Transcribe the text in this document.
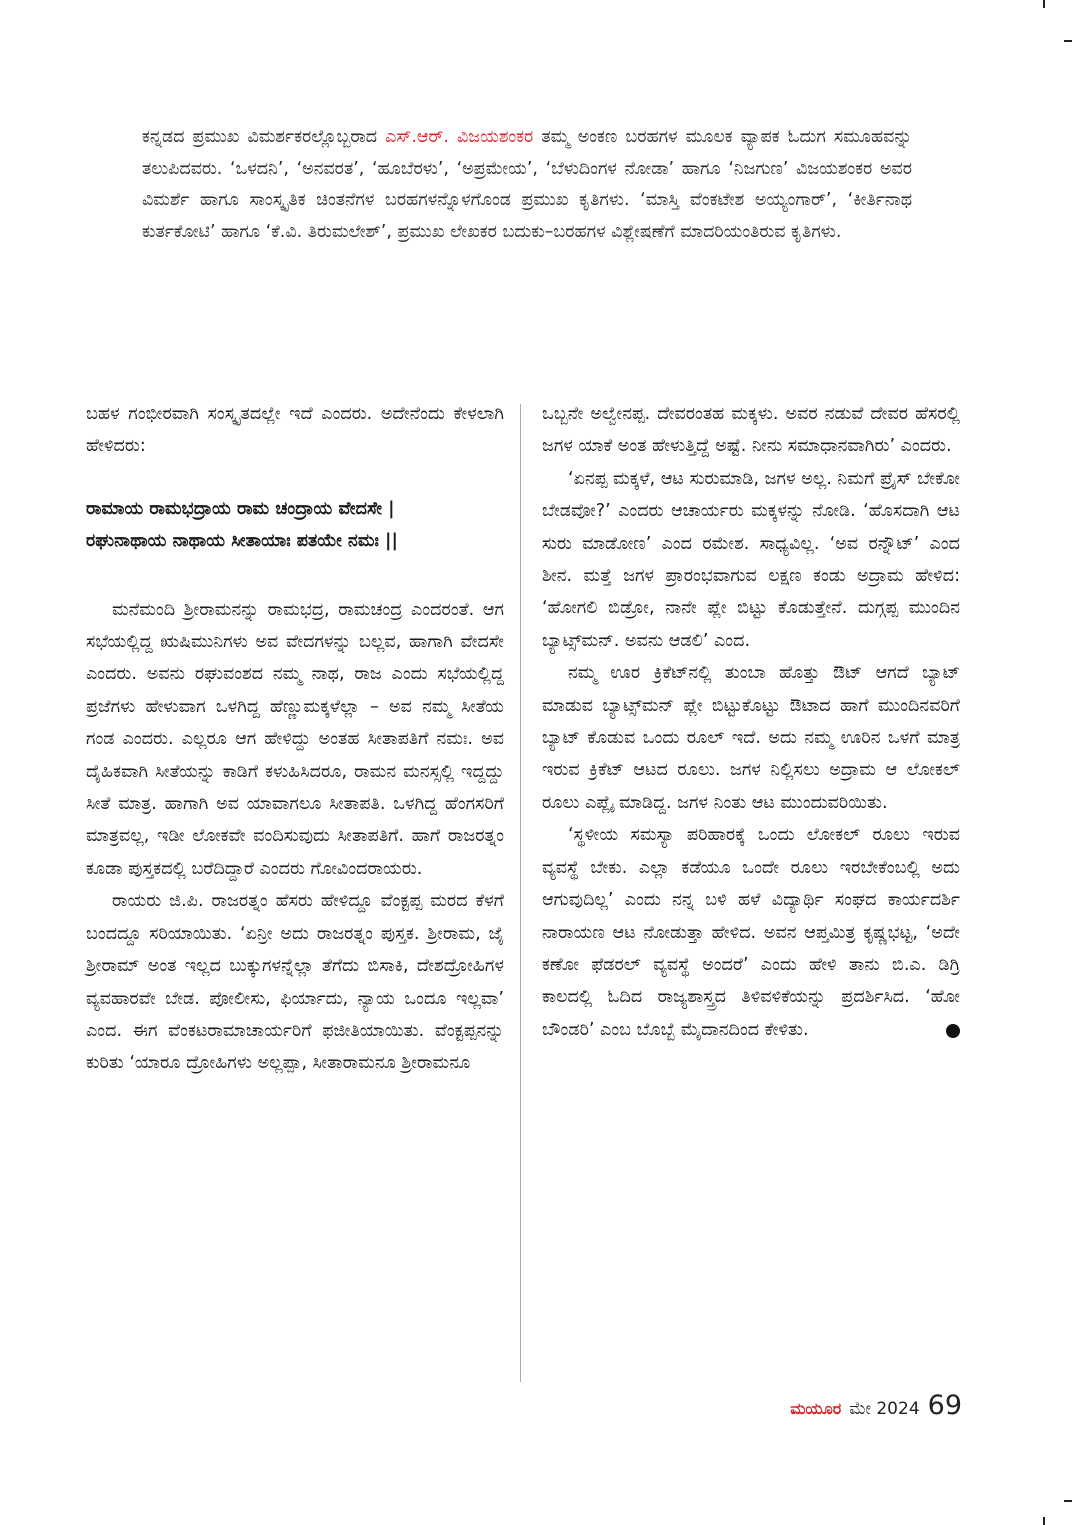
ಕನ್ನಡದ ಪ್ರಮುಖ ವಿಮರ್ಶಕರಲ್ಲೊಬ್ಬರಾದ ಎಸ್.ಆರ್. ವಿಜಯಶಂಕರ ತಮ್ಮ ಅಂಕಣ ಬರಹಗಳ ಮೂಲಕ ವ್ಯಾಪಕ ಓದುಗ ಸಮೂಹವನ್ನು ತಲುಪಿದವರು. ‘ಒಳದನಿ’, ‘ಅನವರತ’, ‘ಹೂಬೆರಳು’, ‘ಅಪ್ರಮೇಯ’, ‘ಬೆಳುದಿಂಗಳ ನೋಡಾ’ ಹಾಗೂ ‘ನಿಜಗುಣ’ ವಿಜಯಶಂಕರ ಅವರ ವಿಮರ್ಶೆ ಹಾಗೂ ಸಾಂಸ್ಕೃತಿಕ ಚಿಂತನೆಗಳ ಬರಹಗಳನ್ನೊಳಗೊಂಡ ಪ್ರಮುಖ ಕೃತಿಗಳು. ‘ಮಾಸ್ತಿ ವೆಂಕಟೇಶ ಅಯ್ಯಂಗಾರ್’, ‘ಕೀರ್ತಿನಾಥ ಕುರ್ತಕೋಟಿ’ ಹಾಗೂ ‘ಕೆ.ವಿ. ತಿರುಮಲೇಶ್’, ಪ್ರಮುಖ ಲೇಖಕರ ಬದುಕು–ಬರಹಗಳ ವಿಶ್ಲೇಷಣೆಗೆ ಮಾದರಿಯಂತಿರುವ ಕೃತಿಗಳು.

ಬಹಳ ಗಂಭೀರವಾಗಿ ಸಂಸ್ಕೃತದಲ್ಲೇ ಇದೆ ಎಂದರು. ಅದೇನೆಂದು ಕೇಳಲಾಗಿ ಹೇಳಿದರು:

ರಾಮಾಯ ರಾಮಭದ್ರಾಯ ರಾಮ ಚಂದ್ರಾಯ ವೇದಸೇ |

ರಘುನಾಥಾಯ ನಾಥಾಯ ಸೀತಾಯಾಃ ಪತಯೇ ನಮಃ ||

ಮನೆಮಂದಿ ಶ್ರೀರಾಮನನ್ನು ರಾಮಭದ್ರ, ರಾಮಚಂದ್ರ ಎಂದರಂತೆ. ಆಗ ಸಭೆಯಲ್ಲಿದ್ದ ಋಷಿಮುನಿಗಳು ಅವ ವೇದಗಳನ್ನು ಬಲ್ಲವ, ಹಾಗಾಗಿ ವೇದಸೇ ಎಂದರು. ಅವನು ರಘುವಂಶದ ನಮ್ಮ ನಾಥ, ರಾಜ ಎಂದು ಸಭೆಯಲ್ಲಿದ್ದ ಪ್ರಜೆಗಳು ಹೇಳುವಾಗ ಒಳಗಿದ್ದ ಹೆಣ್ಣುಮಕ್ಕಳೆಲ್ಲಾ – ಅವ ನಮ್ಮ ಸೀತೆಯ ಗಂಡ ಎಂದರು. ಎಲ್ಲರೂ ಆಗ ಹೇಳಿದ್ದು ಅಂತಹ ಸೀತಾಪತಿಗೆ ನಮಃ. ಅವ ದೈಹಿಕವಾಗಿ ಸೀತೆಯನ್ನು ಕಾಡಿಗೆ ಕಳುಹಿಸಿದರೂ, ರಾಮನ ಮನಸ್ಸಲ್ಲಿ ಇದ್ದದ್ದು ಸೀತೆ ಮಾತ್ರ. ಹಾಗಾಗಿ ಅವ ಯಾವಾಗಲೂ ಸೀತಾಪತಿ. ಒಳಗಿದ್ದ ಹೆಂಗಸರಿಗೆ ಮಾತ್ರವಲ್ಲ, ಇಡೀ ಲೋಕವೇ ವಂದಿಸುವುದು ಸೀತಾಪತಿಗೆ. ಹಾಗೆ ರಾಜರತ್ನಂ ಕೂಡಾ ಪುಸ್ತಕದಲ್ಲಿ ಬರೆದಿದ್ದಾರೆ ಎಂದರು ಗೋವಿಂದರಾಯರು.

ರಾಯರು ಜಿ.ಪಿ. ರಾಜರತ್ನಂ ಹೆಸರು ಹೇಳಿದ್ದೂ ವೆಂಕ್ಟಪ್ಪ ಮರದ ಕೆಳಗೆ ಬಂದದ್ದೂ ಸರಿಯಾಯಿತು. ‘ಏನ್ರೀ ಅದು ರಾಜರತ್ನಂ ಪುಸ್ತಕ. ಶ್ರೀರಾಮ, ಜೈ ಶ್ರೀರಾಮ್ ಅಂತ ಇಲ್ಲದ ಬುಕ್ಕುಗಳನ್ನೆಲ್ಲಾ ತೆಗೆದು ಬಿಸಾಕಿ, ದೇಶದ್ರೋಹಿಗಳ ವ್ಯವಹಾರವೇ ಬೇಡ. ಪೋಲೀಸು, ಫಿರ್ಯಾದು, ನ್ಯಾಯ ಒಂದೂ ಇಲ್ಲವಾ’ ಎಂದ. ಈಗ ವೆಂಕಟರಾಮಾಚಾರ್ಯರಿಗೆ ಫಜೀತಿಯಾಯಿತು. ವೆಂಕ್ಟಪ್ಪನನ್ನು ಕುರಿತು ‘ಯಾರೂ ದ್ರೋಹಿಗಳು ಅಲ್ಲಪ್ಪಾ, ಸೀತಾರಾಮನೂ ಶ್ರೀರಾಮನೂ

ಒಬ್ಬನೇ ಅಲ್ವೇನಪ್ಪ. ದೇವರಂತಹ ಮಕ್ಕಳು. ಅವರ ನಡುವೆ ದೇವರ ಹೆಸರಲ್ಲಿ ಜಗಳ ಯಾಕೆ ಅಂತ ಹೇಳುತ್ತಿದ್ದೆ ಅಷ್ಟೆ. ನೀನು ಸಮಾಧಾನವಾಗಿರು’ ಎಂದರು.

‘ಏನಪ್ಪ ಮಕ್ಕಳೆ, ಆಟ ಸುರುಮಾಡಿ, ಜಗಳ ಅಲ್ಲ. ನಿಮಗೆ ಪ್ರೈಸ್ ಬೇಕೋ ಬೇಡವೋ?’ ಎಂದರು ಆಚಾರ್ಯರು ಮಕ್ಕಳನ್ನು ನೋಡಿ. ‘ಹೊಸದಾಗಿ ಆಟ ಸುರು ಮಾಡೋಣ’ ಎಂದ ರಮೇಶ. ಸಾಧ್ಯವಿಲ್ಲ. ‘ಅವ ರನ್ನೌಟ್’ ಎಂದ ಶೀನ. ಮತ್ತೆ ಜಗಳ ಪ್ರಾರಂಭವಾಗುವ ಲಕ್ಷಣ ಕಂಡು ಅದ್ರಾಮ ಹೇಳಿದ: ‘ಹೋಗಲಿ ಬಿಡ್ರೋ, ನಾನೇ ಪ್ಲೇ ಬಿಟ್ಟು ಕೊಡುತ್ತೇನೆ. ದುಗ್ಗಪ್ಪ ಮುಂದಿನ ಬ್ಯಾಟ್ಸ್‌ಮನ್. ಅವನು ಆಡಲಿ’ ಎಂದ.

ನಮ್ಮ ಊರ ಕ್ರಿಕೆಟ್‌ನಲ್ಲಿ ತುಂಬಾ ಹೊತ್ತು ಔಟ್ ಆಗದೆ ಬ್ಯಾಟ್ ಮಾಡುವ ಬ್ಯಾಟ್ಸ್‌ಮನ್ ಪ್ಲೇ ಬಿಟ್ಟುಕೊಟ್ಟು ಔಟಾದ ಹಾಗೆ ಮುಂದಿನವರಿಗೆ ಬ್ಯಾಟ್ ಕೊಡುವ ಒಂದು ರೂಲ್ ಇದೆ. ಅದು ನಮ್ಮ ಊರಿನ ಒಳಗೆ ಮಾತ್ರ ಇರುವ ಕ್ರಿಕೆಟ್ ಆಟದ ರೂಲು. ಜಗಳ ನಿಲ್ಲಿಸಲು ಅದ್ರಾಮ ಆ ಲೋಕಲ್ ರೂಲು ಎಪ್ಲೈ ಮಾಡಿದ್ದ. ಜಗಳ ನಿಂತು ಆಟ ಮುಂದುವರಿಯಿತು.

‘ಸ್ಥಳೀಯ ಸಮಸ್ಯಾ ಪರಿಹಾರಕ್ಕೆ ಒಂದು ಲೋಕಲ್ ರೂಲು ಇರುವ ವ್ಯವಸ್ಥೆ ಬೇಕು. ಎಲ್ಲಾ ಕಡೆಯೂ ಒಂದೇ ರೂಲು ಇರಬೇಕೆಂಬಲ್ಲಿ ಅದು ಆಗುವುದಿಲ್ಲ’ ಎಂದು ನನ್ನ ಬಳಿ ಹಳೆ ವಿದ್ಯಾರ್ಥಿ ಸಂಘದ ಕಾರ್ಯದರ್ಶಿ ನಾರಾಯಣ ಆಟ ನೋಡುತ್ತಾ ಹೇಳಿದ. ಅವನ ಆಪ್ತಮಿತ್ರ ಕೃಷ್ಣಭಟ್ಟ, ‘ಅದೇ ಕಣೋ ಫೆಡರಲ್ ವ್ಯವಸ್ಥೆ ಅಂದರೆ’ ಎಂದು ಹೇಳಿ ತಾನು ಬಿ.ಎ. ಡಿಗ್ರಿ ಕಾಲದಲ್ಲಿ ಓದಿದ ರಾಜ್ಯಶಾಸ್ತ್ರದ ತಿಳಿವಳಿಕೆಯನ್ನು ಪ್ರದರ್ಶಿಸಿದ. ‘ಹೋ ಬೌಂಡರಿ’ ಎಂಬ ಬೊಬ್ಬೆ ಮೈದಾನದಿಂದ ಕೇಳಿತು.

ಮಯೂರ ಮೇ 2024 69
